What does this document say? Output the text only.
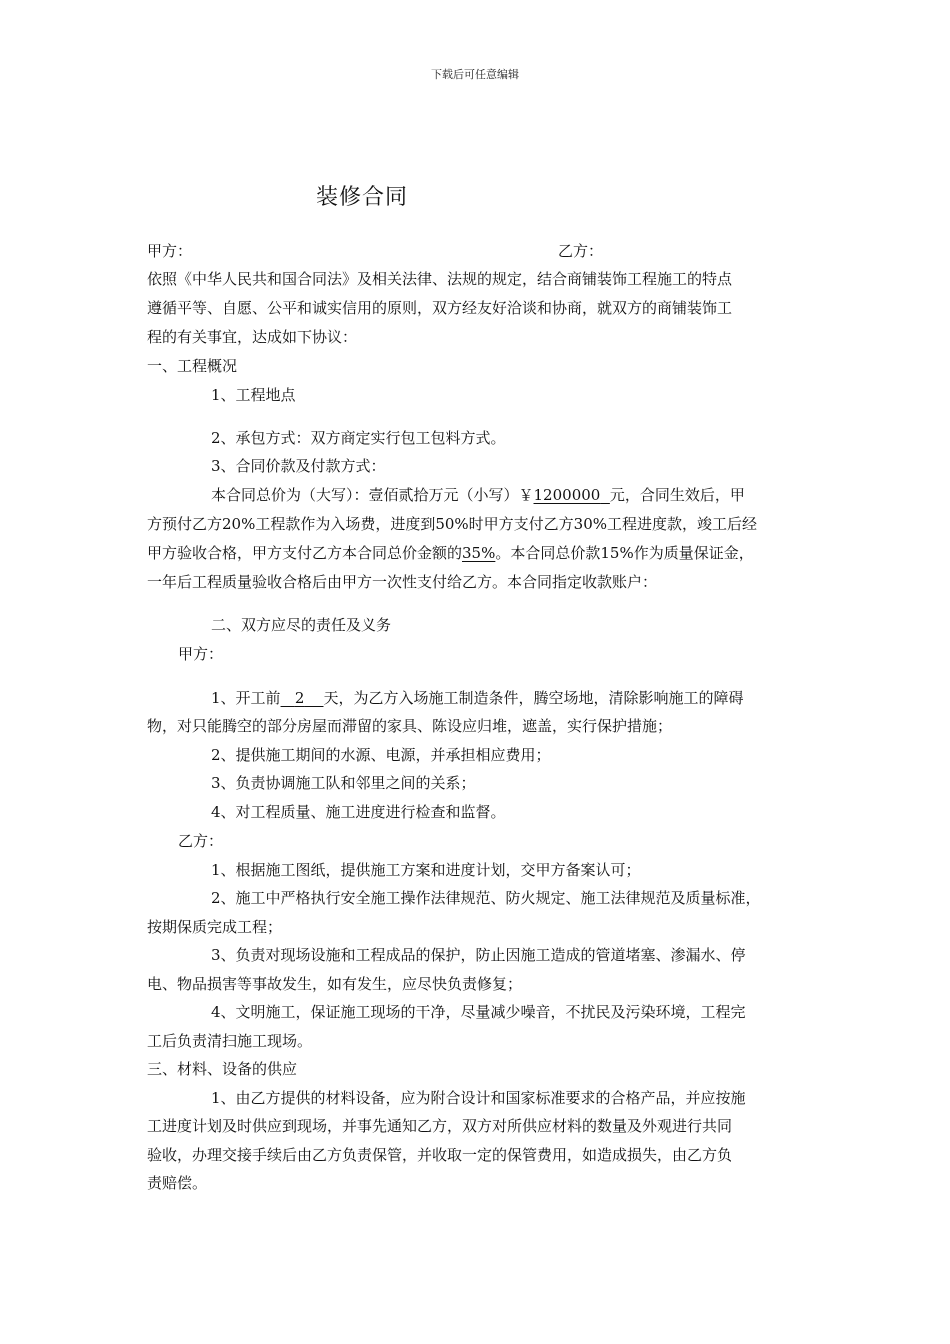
下载后可任意编辑
装修合同
甲方：	乙方：
依照《中华人民共和国合同法》及相关法律、法规的规定，结合商铺装饰工程施工的特点
遵循平等、自愿、公平和诚实信用的原则，双方经友好洽谈和协商，就双方的商铺装饰工
程的有关事宜，达成如下协议：
一、工程概况
1、工程地点
2、承包方式：双方商定实行包工包料方式。
3、合同价款及付款方式：
本合同总价为（大写）：壹佰贰拾万元（小写）￥1200000 元，合同生效后，甲
方预付乙方20%工程款作为入场费，进度到50%时甲方支付乙方30%工程进度款，竣工后经
甲方验收合格，甲方支付乙方本合同总价金额的35%。本合同总价款15%作为质量保证金，
一年后工程质量验收合格后由甲方一次性支付给乙方。本合同指定收款账户：
二、双方应尽的责任及义务
甲方：
1、开工前 2 天，为乙方入场施工制造条件，腾空场地，清除影响施工的障碍
物，对只能腾空的部分房屋而滞留的家具、陈设应归堆，遮盖，实行保护措施；
2、提供施工期间的水源、电源，并承担相应费用；
3、负责协调施工队和邻里之间的关系；
4、对工程质量、施工进度进行检查和监督。
乙方：
1、根据施工图纸，提供施工方案和进度计划，交甲方备案认可；
2、施工中严格执行安全施工操作法律规范、防火规定、施工法律规范及质量标准，
按期保质完成工程；
3、负责对现场设施和工程成品的保护，防止因施工造成的管道堵塞、渗漏水、停
电、物品损害等事故发生，如有发生，应尽快负责修复；
4、文明施工，保证施工现场的干净，尽量减少噪音，不扰民及污染环境，工程完
工后负责清扫施工现场。
三、材料、设备的供应
1、由乙方提供的材料设备，应为附合设计和国家标准要求的合格产品，并应按施
工进度计划及时供应到现场，并事先通知乙方，双方对所供应材料的数量及外观进行共同
验收，办理交接手续后由乙方负责保管，并收取一定的保管费用，如造成损失，由乙方负
责赔偿。
